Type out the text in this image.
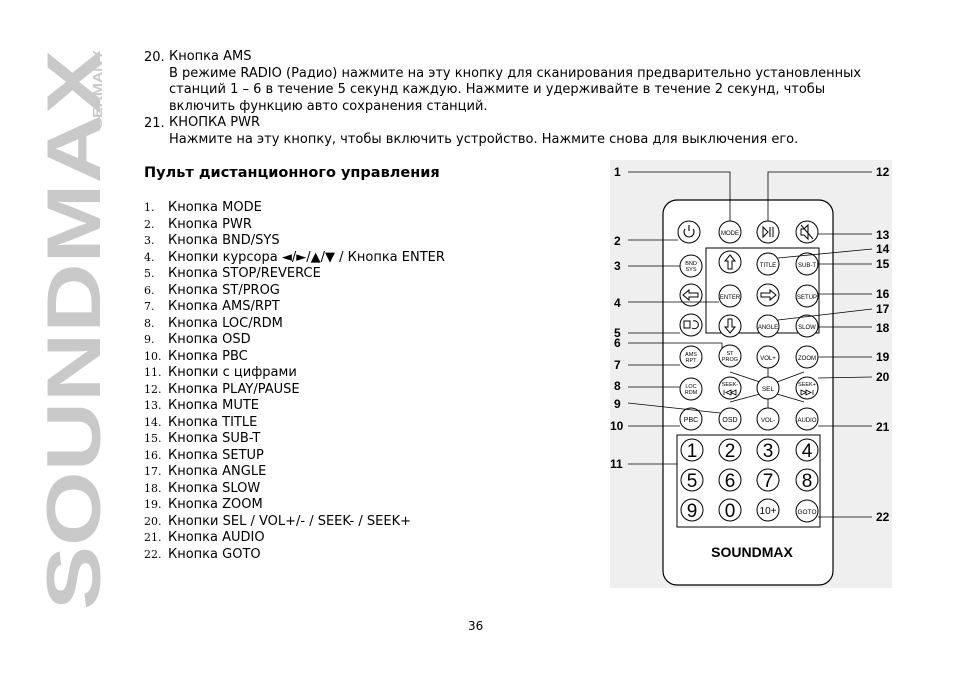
SOUNDMAX
GERMANY
20. Кнопка AMS
В режиме RADIO (Радио) нажмите на эту кнопку для сканирования предварительно установленных
станций 1 – 6 в течение 5 секунд каждую. Нажмите и удерживайте в течение 2 секунд, чтобы
включить функцию авто сохранения станций.
21. КНОПКА PWR
Нажмите на эту кнопку, чтобы включить устройство. Нажмите снова для выключения его.
Пульт дистанционного управления
1. Кнопка MODE
2. Кнопка PWR
3. Кнопка BND/SYS
4. Кнопки курсора ◄/►/▲/▼ / Кнопка ENTER
5. Кнопка STOP/REVERCE
6. Кнопка ST/PROG
7. Кнопка AMS/RPT
8. Кнопка LOC/RDM
9. Кнопка OSD
10. Кнопка PBC
11. Кнопки с цифрами
12. Кнопка PLAY/PAUSE
13. Кнопка MUTE
14. Кнопка TITLE
15. Кнопка SUB-T
16. Кнопка SETUP
17. Кнопка ANGLE
18. Кнопка SLOW
19. Кнопка ZOOM
20. Кнопки SEL / VOL+/- / SEEK- / SEEK+
21. Кнопка AUDIO
22. Кнопка GOTO
MODE
BND
SYS
TITLE	SUB-T
ENTER	SETUP
ANGLE	SLOW
ST
PROG
AMS
RPT	VOL+	ZOOM
LOC
RDM
SEEK-
SEL
SEEK+
PBC	OSD	VOL-	AUDIO
1 2 3 4
5 6 7 8
9 0 10+	GOTO
SOUNDMAX
1
2
3
4
5
6
7
8
9
10
11
12
13
14
15
16
17
18
19
20
21
22
36
